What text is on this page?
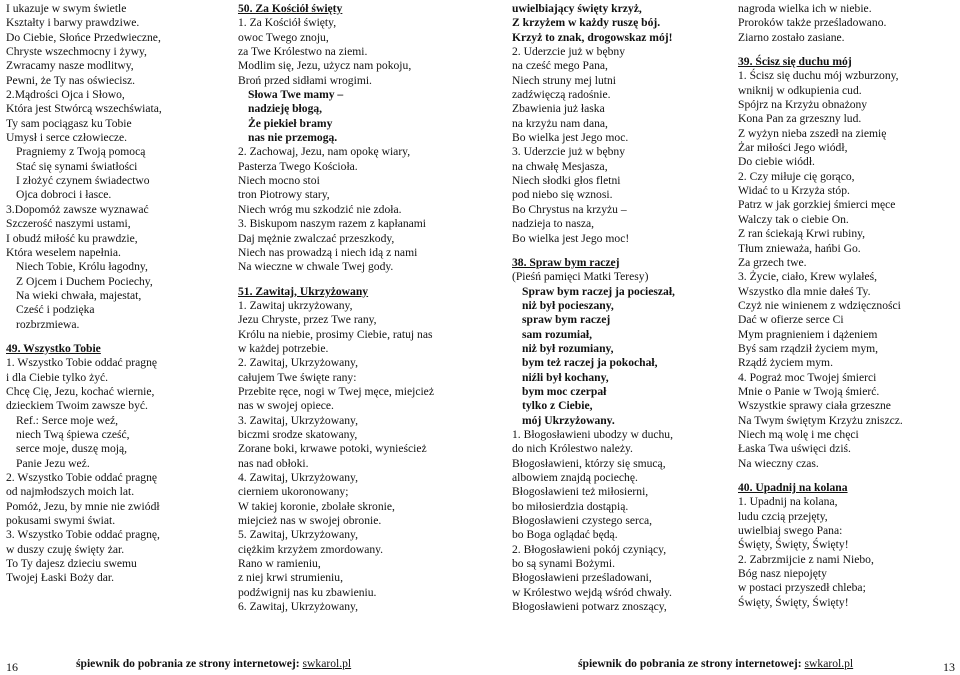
I ukazuje w swym świetle
Kształty i barwy prawdziwe.
Do Ciebie, Słońce Przedwieczne,
Chryste wszechmocny i żywy,
Zwracamy nasze modlitwy,
Pewni, że Ty nas oświecisz.
2.Mądrości Ojca i Słowo,
Która jest Stwórcą wszechświata,
Ty sam pociągasz ku Tobie
Umysł i serce człowiecze.
Pragniemy z Twoją pomocą
Stać się synami światłości
I złożyć czynem świadectwo
Ojca dobroci i łasce.
3.Dopomóż zawsze wyznawać
Szczerość naszymi ustami,
I obudź miłość ku prawdzie,
Która weselem napełnia.
Niech Tobie, Królu łagodny,
Z Ojcem i Duchem Pociechy,
Na wieki chwała, majestat,
Cześć i podzięka
rozbrzmiewa.
49. Wszystko Tobie
1. Wszystko Tobie oddać pragnę
i dla Ciebie tylko żyć.
Chcę Cię, Jezu, kochać wiernie,
dzieckiem Twoim zawsze być.
Ref.: Serce moje weź,
niech Twą śpiewa cześć,
serce moje, duszę moją,
Panie Jezu weź.
2. Wszystko Tobie oddać pragnę
od najmłodszych moich lat.
Pomóż, Jezu, by mnie nie zwiódł
pokusami swymi świat.
3. Wszystko Tobie oddać pragnę,
w duszy czuję święty żar.
To Ty dajesz dzieciu swemu
Twojej Łaski Boży dar.
50. Za Kościół święty
1. Za Kościół święty,
owoc Twego znoju,
za Twe Królestwo na ziemi.
Modlim się, Jezu, użycz nam pokoju,
Broń przed sidłami wrogimi.
Słowa Twe mamy –
nadzieję błogą,
Że piekieł bramy
nas nie przemogą.
2. Zachowaj, Jezu, nam opokę wiary,
Pasterza Twego Kościoła.
Niech mocno stoi
tron Piotrowy stary,
Niech wróg mu szkodzić nie zdoła.
3. Biskupom naszym razem z kapłanami
Daj mężnie zwalczać przeszkody,
Niech nas prowadzą i niech idą z nami
Na wieczne w chwale Twej gody.
51. Zawitaj, Ukrzyżowany
1. Zawitaj ukrzyżowany,
Jezu Chryste, przez Twe rany,
Królu na niebie, prosimy Ciebie, ratuj nas
w każdej potrzebie.
2. Zawitaj, Ukrzyżowany,
całujem Twe święte rany:
Przebite ręce, nogi w Twej męce, miejcież
nas w swojej opiece.
3. Zawitaj, Ukrzyżowany,
biczmi srodze skatowany,
Zorane boki, krwawe potoki, wynieścież
nas nad obłoki.
4. Zawitaj, Ukrzyżowany,
cierniem ukoronowany;
W takiej koronie, zbolałe skronie,
miejcież nas w swojej obronie.
5. Zawitaj, Ukrzyżowany,
ciężkim krzyżem zmordowany.
Rano w ramieniu,
z niej krwi strumieniu,
podźwignij nas ku zbawieniu.
6. Zawitaj, Ukrzyżowany,
uwielbiający święty krzyż,
Z krzyżem w każdy ruszę bój.
Krzyż to znak, drogowskaz mój!
2. Uderzcie już w bębny
na cześć mego Pana,
Niech struny mej lutni
zadźwięczą radośnie.
Zbawienia już łaska
na krzyżu nam dana,
Bo wielka jest Jego moc.
3. Uderzcie już w bębny
na chwałę Mesjasza,
Niech słodki głos fletni
pod niebo się wznosi.
Bo Chrystus na krzyżu –
nadzieja to nasza,
Bo wielka jest Jego moc!
38. Spraw bym raczej
(Pieśń pamięci Matki Teresy)
Spraw bym raczej ja pocieszał,
niż był pocieszany,
spraw bym raczej
sam rozumiał,
niż był rozumiany,
bym też raczej ja pokochał,
niźli był kochany,
bym moc czerpał
tylko z Ciebie,
mój Ukrzyżowany.
1. Błogosławieni ubodzy w duchu,
do nich Królestwo należy.
Błogosławieni, którzy się smucą,
albowiem znajdą pociechę.
Błogosławieni też miłosierni,
bo miłosierdzia dostąpią.
Błogosławieni czystego serca,
bo Boga oglądać będą.
2. Błogosławieni pokój czyniący,
bo są synami Bożymi.
Błogosławieni prześladowani,
w Królestwo wejdą wśród chwały.
Błogosławieni potwarz znoszący,
nagroda wielka ich w niebie.
Proroków także prześladowano.
Ziarno zostało zasiane.
39. Ścisz się duchu mój
1. Ścisz się duchu mój wzburzony,
wniknij w odkupienia cud.
Spójrz na Krzyżu obnażony
Kona Pan za grzeszny lud.
Z wyżyn nieba zszedł na ziemię
Żar miłości Jego wiódł,
Do ciebie wiódł.
2. Czy miłuje cię gorąco,
Widać to u Krzyża stóp.
Patrz w jak gorzkiej śmierci męce
Walczy tak o ciebie On.
Z ran ściekają Krwi rubiny,
Tłum znieważa, hańbi Go.
Za grzech twe.
3. Życie, ciało, Krew wylałeś,
Wszystko dla mnie dałeś Ty.
Czyż nie winienem z wdzięczności
Dać w ofierze serce Ci
Mym pragnieniem i dążeniem
Byś sam rządził życiem mym,
Rządź życiem mym.
4. Pograż moc Twojej śmierci
Mnie o Panie w Twoją śmierć.
Wszystkie sprawy ciała grzeszne
Na Twym świętym Krzyżu zniszcz.
Niech mą wolę i me chęci
Łaska Twa uświęci dziś.
Na wieczny czas.
40. Upadnij na kolana
1. Upadnij na kolana,
ludu czcią przejęty,
uwielbiaj swego Pana:
Święty, Święty, Święty!
2. Zabrzmijcie z nami Niebo,
Bóg nasz niepojęty
w postaci przyszedł chleba;
Święty, Święty, Święty!
16	śpiewnik do pobrania ze strony internetowej: swkarol.pl	śpiewnik do pobrania ze strony internetowej: swkarol.pl	13
